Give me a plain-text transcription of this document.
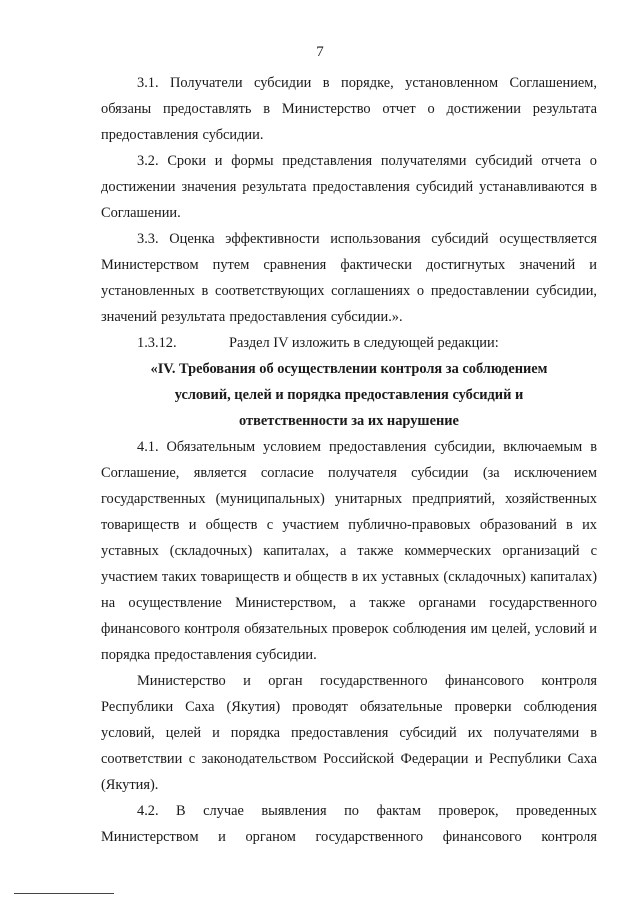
7

3.1. Получатели субсидии в порядке, установленном Соглашением, обязаны предоставлять в Министерство отчет о достижении результата предоставления субсидии.

3.2. Сроки и формы представления получателями субсидий отчета о достижении значения результата предоставления субсидий устанавливаются в Соглашении.

3.3. Оценка эффективности использования субсидий осуществляется Министерством путем сравнения фактически достигнутых значений и установленных в соответствующих соглашениях о предоставлении субсидии, значений результата предоставления субсидии.».

1.3.12.	Раздел IV изложить в следующей редакции:

«IV. Требования об осуществлении контроля за соблюдением

условий, целей и порядка предоставления субсидий и

ответственности за их нарушение

4.1. Обязательным условием предоставления субсидии, включаемым в Соглашение, является согласие получателя субсидии (за исключением государственных (муниципальных) унитарных предприятий, хозяйственных товариществ и обществ с участием публично-правовых образований в их уставных (складочных) капиталах, а также коммерческих организаций с участием таких товариществ и обществ в их уставных (складочных) капиталах) на осуществление Министерством, а также органами государственного финансового контроля обязательных проверок соблюдения им целей, условий и порядка предоставления субсидии.

Министерство и орган государственного финансового контроля Республики Саха (Якутия) проводят обязательные проверки соблюдения условий, целей и порядка предоставления субсидий их получателями в соответствии с законодательством Российской Федерации и Республики Саха (Якутия).

4.2. В случае выявления по фактам проверок, проведенных Министерством и органом государственного финансового контроля
